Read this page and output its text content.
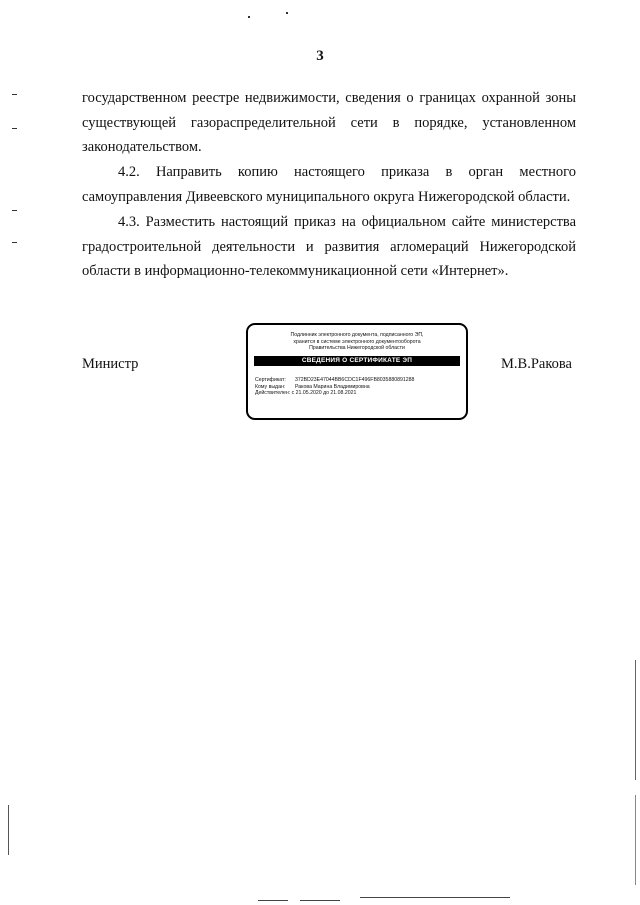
3
государственном реестре недвижимости, сведения о границах охранной зоны существующей газораспределительной сети в порядке, установленном законодательством.
4.2. Направить копию настоящего приказа в орган местного самоуправления Дивеевского муниципального округа Нижегородской области.
4.3. Разместить настоящий приказ на официальном сайте министерства градостроительной деятельности и развития агломераций Нижегородской области в информационно-телекоммуникационной сети «Интернет».
Министр	М.В.Ракова
Подлинник электронного документа, подписанного ЭП,
хранится в системе электронного документооборота
Правительства Нижегородской области
СВЕДЕНИЯ О СЕРТИФИКАТЕ ЭП
Сертификат: 372BD23E47044BB6CDC1F496FB8035880891288
Кому выдан: Ракова Марина Владимировна
Действителен: с 21.05.2020 до 21.08.2021
